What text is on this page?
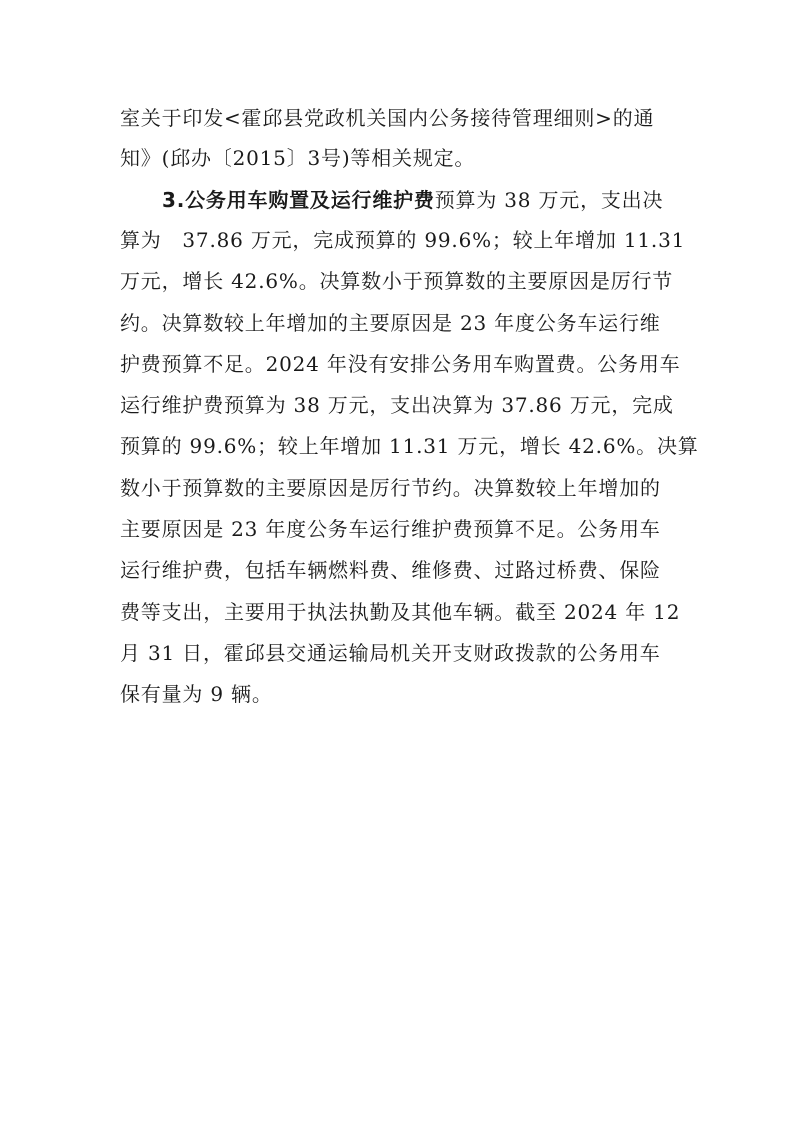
室关于印发<霍邱县党政机关国内公务接待管理细则>的通
知》(邱办〔2015〕3号)等相关规定。
3.公务用车购置及运行维护费预算为 38 万元，支出决
算为　37.86 万元，完成预算的 99.6%；较上年增加 11.31
万元，增长 42.6%。决算数小于预算数的主要原因是厉行节
约。决算数较上年增加的主要原因是 23 年度公务车运行维
护费预算不足。2024 年没有安排公务用车购置费。公务用车
运行维护费预算为 38 万元，支出决算为 37.86 万元，完成
预算的 99.6%；较上年增加 11.31 万元，增长 42.6%。决算
数小于预算数的主要原因是厉行节约。决算数较上年增加的
主要原因是 23 年度公务车运行维护费预算不足。公务用车
运行维护费，包括车辆燃料费、维修费、过路过桥费、保险
费等支出，主要用于执法执勤及其他车辆。截至 2024 年 12
月 31 日，霍邱县交通运输局机关开支财政拨款的公务用车
保有量为 9 辆。
